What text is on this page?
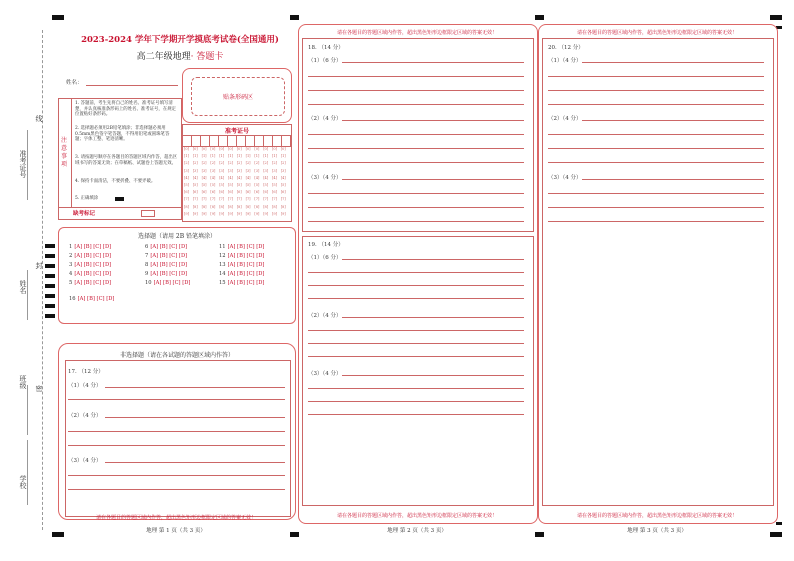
准考证号
姓名
班级
学校
线
封
密
2023-2024 学年下学期开学摸底考试卷(全国通用)
高二年级地理· 答题卡
姓名：
贴条形码区
注
意
事
项
1. 答题前，考生先将自己的姓名、准考证号填写清楚，并认真核准条形码上的姓名、准考证号，在规定位置贴好条形码。
2. 选择题必须用2B铅笔填涂；非选择题必须用0.5mm黑色签字笔答题，不得用铅笔或圆珠笔答题；字体工整、笔迹清晰。
3. 请按题号顺序在各题目的答题区域内作答，超出区域书写的答案无效；在草稿纸、试题卷上答题无效。
4. 保持卡面清洁，不要折叠、不要弄破。
5. 正确填涂
缺考标记
准考证号
[0]
[1]
[2]
[3]
[4]
[5]
[6]
[7]
[8]
[9]
[0]
[1]
[2]
[3]
[4]
[5]
[6]
[7]
[8]
[9]
[0]
[1]
[2]
[3]
[4]
[5]
[6]
[7]
[8]
[9]
[0]
[1]
[2]
[3]
[4]
[5]
[6]
[7]
[8]
[9]
[0]
[1]
[2]
[3]
[4]
[5]
[6]
[7]
[8]
[9]
[0]
[1]
[2]
[3]
[4]
[5]
[6]
[7]
[8]
[9]
[0]
[1]
[2]
[3]
[4]
[5]
[6]
[7]
[8]
[9]
[0]
[1]
[2]
[3]
[4]
[5]
[6]
[7]
[8]
[9]
[0]
[1]
[2]
[3]
[4]
[5]
[6]
[7]
[8]
[9]
[0]
[1]
[2]
[3]
[4]
[5]
[6]
[7]
[8]
[9]
[0]
[1]
[2]
[3]
[4]
[5]
[6]
[7]
[8]
[9]
[0]
[1]
[2]
[3]
[4]
[5]
[6]
[7]
[8]
[9]
选择题（请用 2B 铅笔填涂）
1 [A] [B] [C] [D]
2 [A] [B] [C] [D]
3 [A] [B] [C] [D]
4 [A] [B] [C] [D]
5 [A] [B] [C] [D]
6 [A] [B] [C] [D]
7 [A] [B] [C] [D]
8 [A] [B] [C] [D]
9 [A] [B] [C] [D]
10 [A] [B] [C] [D]
11 [A] [B] [C] [D]
12 [A] [B] [C] [D]
13 [A] [B] [C] [D]
14 [A] [B] [C] [D]
15 [A] [B] [C] [D]
16 [A] [B] [C] [D]
非选择题（请在各试题的答题区域内作答）
17. （12 分）
（1）（4 分）
（2）（4 分）
（3）（4 分）
请在各题目的答题区域内作答，超出黑色矩形边框限定区域的答案无效！
地理 第 1 页（共 3 页）
请在各题目的答题区域内作答，超出黑色矩形边框限定区域的答案无效！
18. （14 分）
（1）（6 分）
（2）（4 分）
（3）（4 分）
19. （14 分）
（1）（6 分）
（2）（4 分）
（3）（4 分）
请在各题目的答题区域内作答，超出黑色矩形边框限定区域的答案无效！
地理 第 2 页（共 3 页）
请在各题目的答题区域内作答，超出黑色矩形边框限定区域的答案无效！
20. （12 分）
（1）（4 分）
（2）（4 分）
（3）（4 分）
请在各题目的答题区域内作答，超出黑色矩形边框限定区域的答案无效！
地理 第 3 页（共 3 页）
